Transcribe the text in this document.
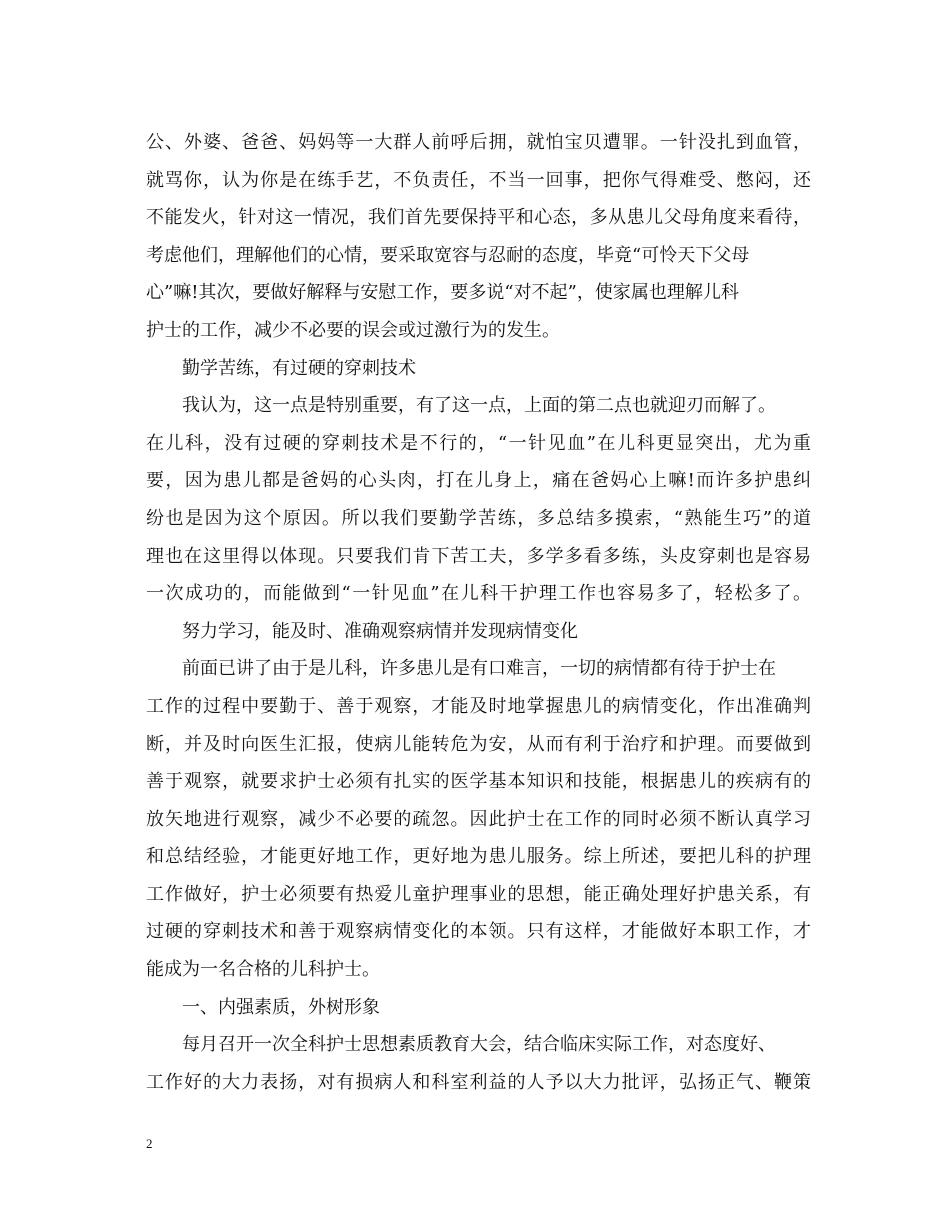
公、外婆、爸爸、妈妈等一大群人前呼后拥，就怕宝贝遭罪。一针没扎到血管，
就骂你，认为你是在练手艺，不负责任，不当一回事，把你气得难受、憋闷，还
不能发火，针对这一情况，我们首先要保持平和心态，多从患儿父母角度来看待，
考虑他们，理解他们的心情，要采取宽容与忍耐的态度，毕竟“可怜天下父母
心”嘛!其次，要做好解释与安慰工作，要多说“对不起”，使家属也理解儿科
护士的工作，减少不必要的误会或过激行为的发生。
勤学苦练，有过硬的穿刺技术
我认为，这一点是特别重要，有了这一点，上面的第二点也就迎刃而解了。
在儿科，没有过硬的穿刺技术是不行的，“一针见血”在儿科更显突出，尤为重
要，因为患儿都是爸妈的心头肉，打在儿身上，痛在爸妈心上嘛!而许多护患纠
纷也是因为这个原因。所以我们要勤学苦练，多总结多摸索，“熟能生巧”的道
理也在这里得以体现。只要我们肯下苦工夫，多学多看多练，头皮穿刺也是容易
一次成功的，而能做到“一针见血”在儿科干护理工作也容易多了，轻松多了。
努力学习，能及时、准确观察病情并发现病情变化
前面已讲了由于是儿科，许多患儿是有口难言，一切的病情都有待于护士在
工作的过程中要勤于、善于观察，才能及时地掌握患儿的病情变化，作出准确判
断，并及时向医生汇报，使病儿能转危为安，从而有利于治疗和护理。而要做到
善于观察，就要求护士必须有扎实的医学基本知识和技能，根据患儿的疾病有的
放矢地进行观察，减少不必要的疏忽。因此护士在工作的同时必须不断认真学习
和总结经验，才能更好地工作，更好地为患儿服务。综上所述，要把儿科的护理
工作做好，护士必须要有热爱儿童护理事业的思想，能正确处理好护患关系，有
过硬的穿刺技术和善于观察病情变化的本领。只有这样，才能做好本职工作，才
能成为一名合格的儿科护士。
一、内强素质，外树形象
每月召开一次全科护士思想素质教育大会，结合临床实际工作，对态度好、
工作好的大力表扬，对有损病人和科室利益的人予以大力批评，弘扬正气、鞭策
2
